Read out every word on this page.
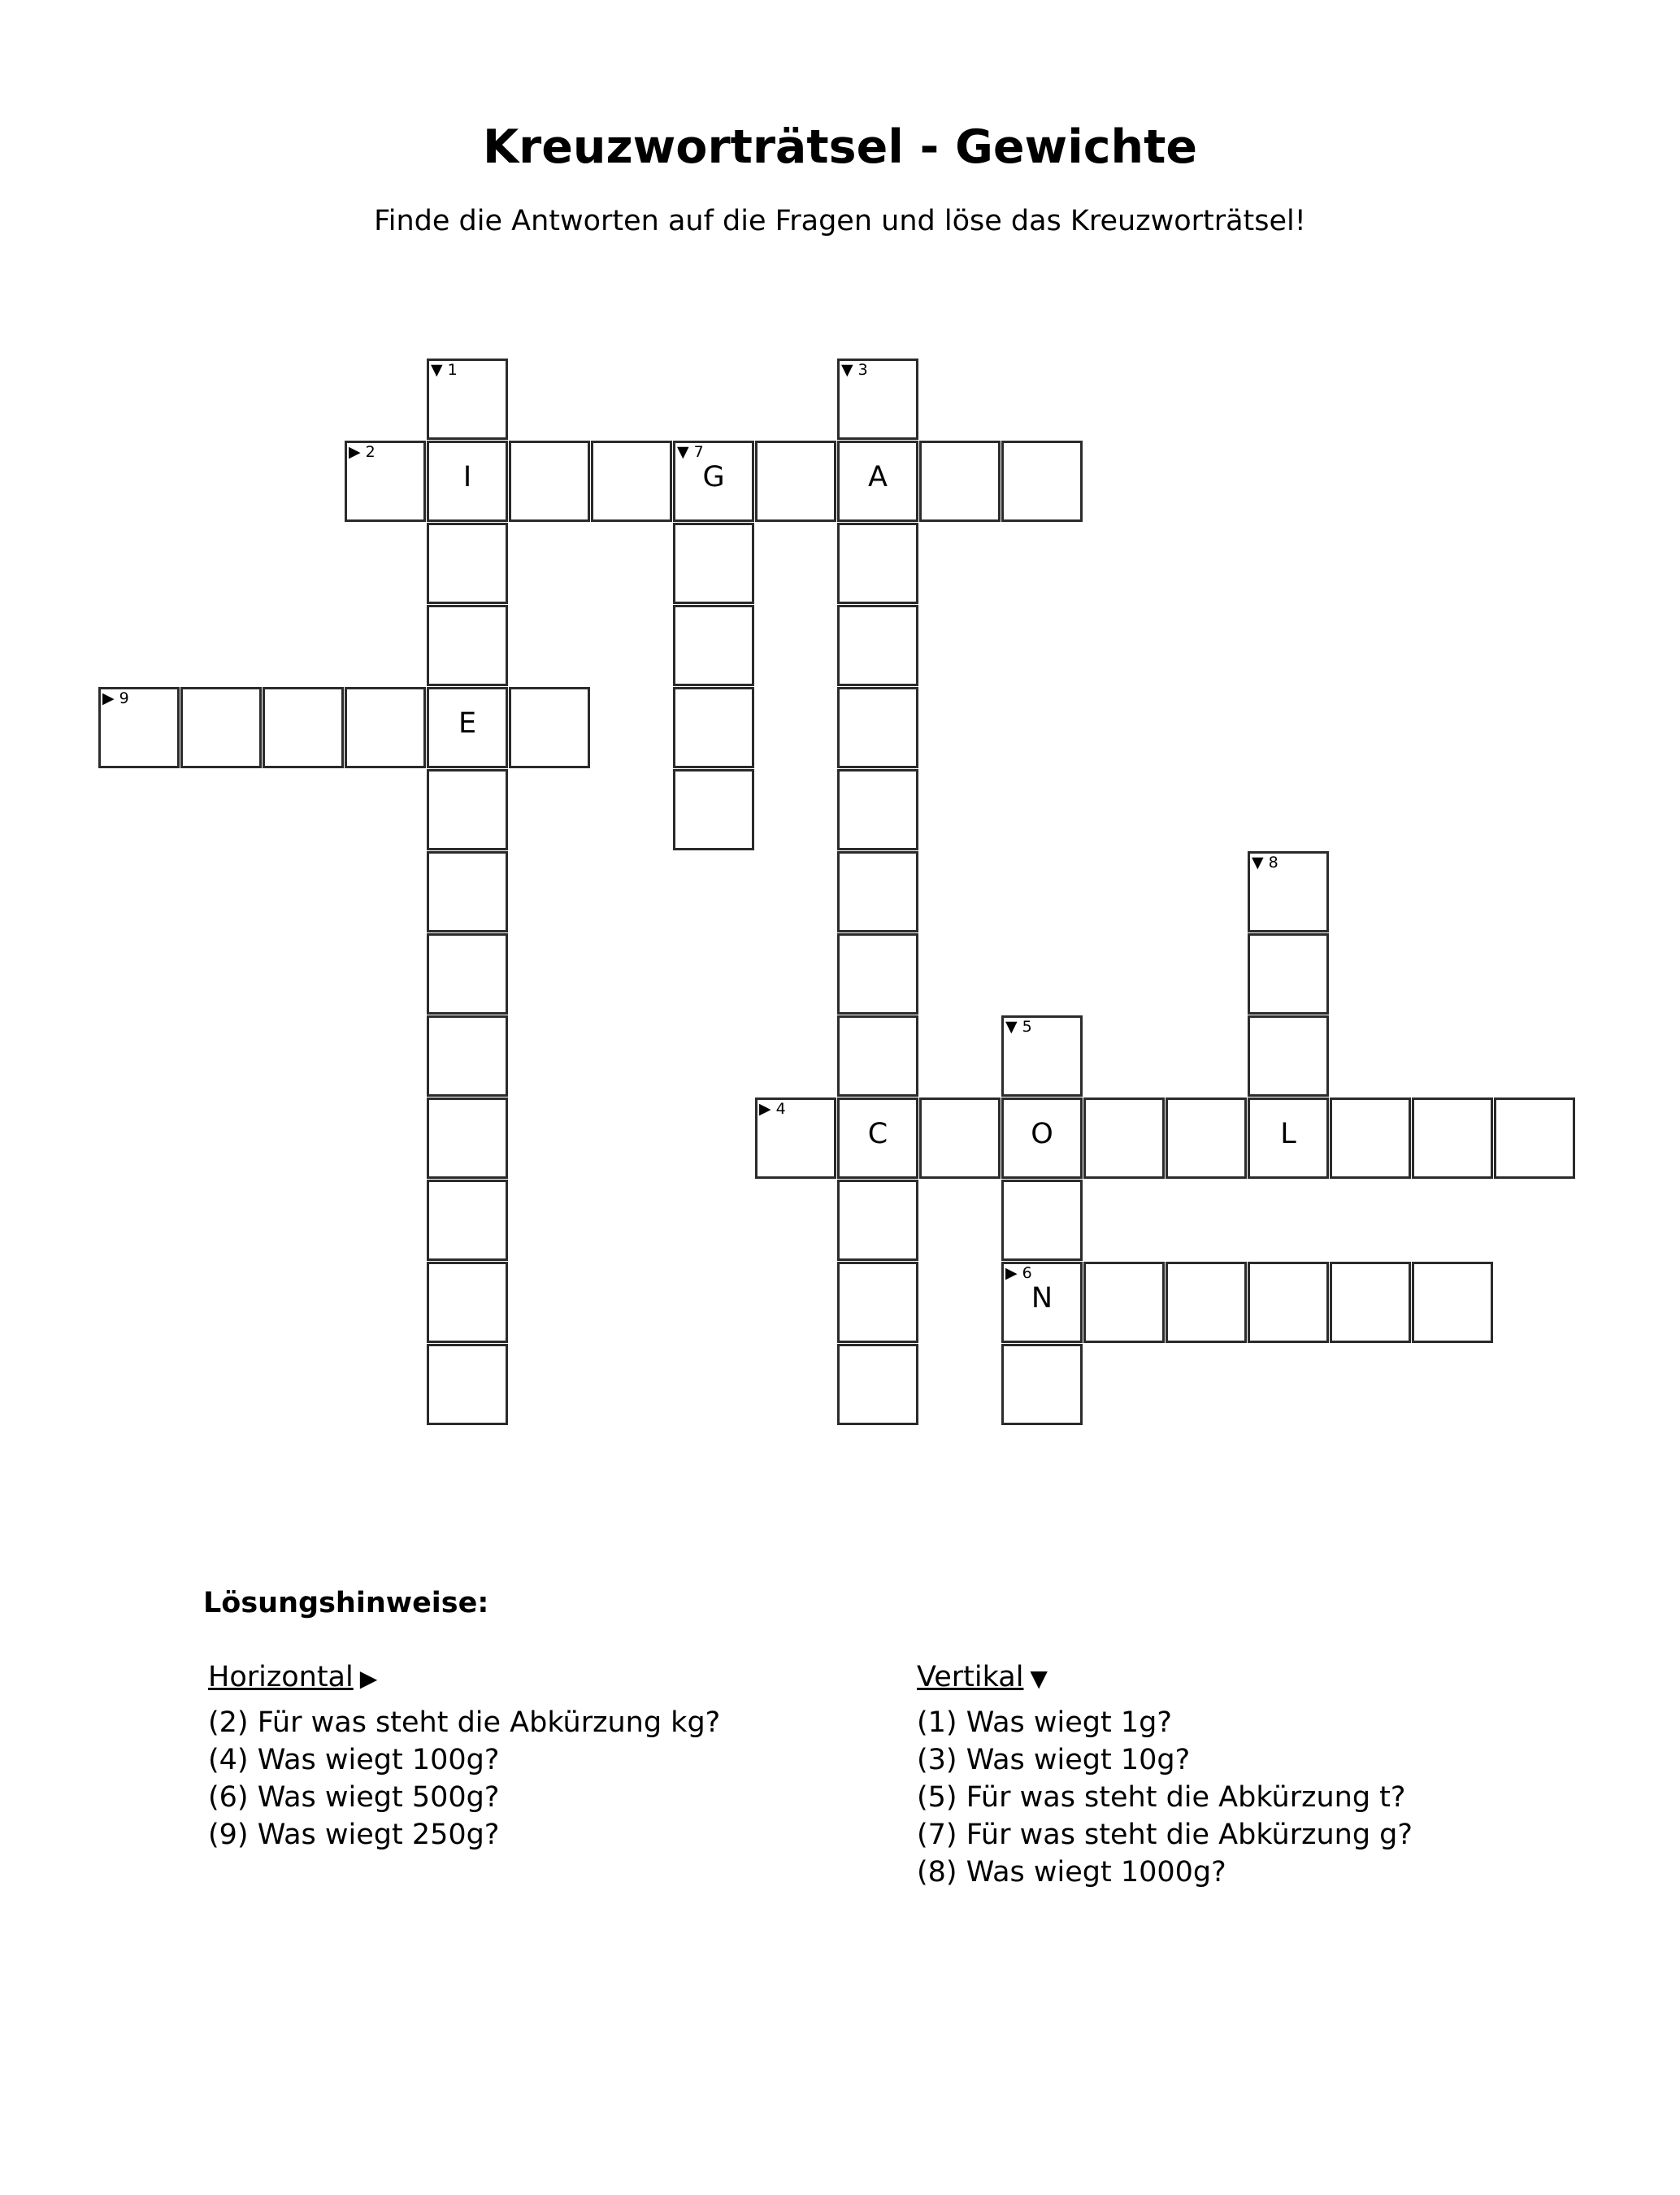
Kreuzworträtsel - Gewichte
Finde die Antworten auf die Fragen und löse das Kreuzworträtsel!
▼ 1	▼ 3
▶ 2
I
▼ 7
G	A
▶ 9
E
▼ 8
▼ 5
▶ 4
C	O	L
▶ 6
N
Lösungshinweise:
Horizontal ▶
(2) Für was steht die Abkürzung kg?
(4) Was wiegt 100g?
(6) Was wiegt 500g?
(9) Was wiegt 250g?
Vertikal ▼
(1) Was wiegt 1g?
(3) Was wiegt 10g?
(5) Für was steht die Abkürzung t?
(7) Für was steht die Abkürzung g?
(8) Was wiegt 1000g?
